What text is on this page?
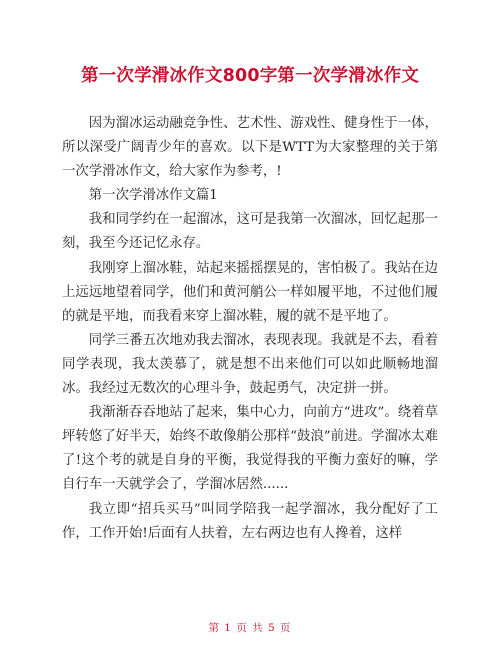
第一次学滑冰作文800字第一次学滑冰作文

因为溜冰运动融竞争性、艺术性、游戏性、健身性于一体，所以深受广阔青少年的喜欢。以下是WTT为大家整理的关于第一次学滑冰作文，给大家作为参考，!

第一次学滑冰作文篇1

我和同学约在一起溜冰，这可是我第一次溜冰，回忆起那一刻，我至今还记忆永存。

我刚穿上溜冰鞋，站起来摇摇摆晃的，害怕极了。我站在边上远远地望着同学，他们和黄河艄公一样如履平地，不过他们履的就是平地，而我看来穿上溜冰鞋，履的就不是平地了。

同学三番五次地劝我去溜冰，表现表现。我就是不去，看着同学表现，我太羡慕了，就是想不出来他们可以如此顺畅地溜冰。我经过无数次的心理斗争，鼓起勇气，决定拼一拼。

我渐渐吞吞地站了起来，集中心力，向前方“进攻”。绕着草坪转悠了好半天，始终不敢像艄公那样“鼓浪”前进。学溜冰太难了!这个考的就是自身的平衡，我觉得我的平衡力蛮好的嘛，学自行车一天就学会了，学溜冰居然......

我立即“招兵买马”叫同学陪我一起学溜冰，我分配好了工作，工作开始!后面有人扶着，左右两边也有人搀着，这样

第 1 页 共 5 页
